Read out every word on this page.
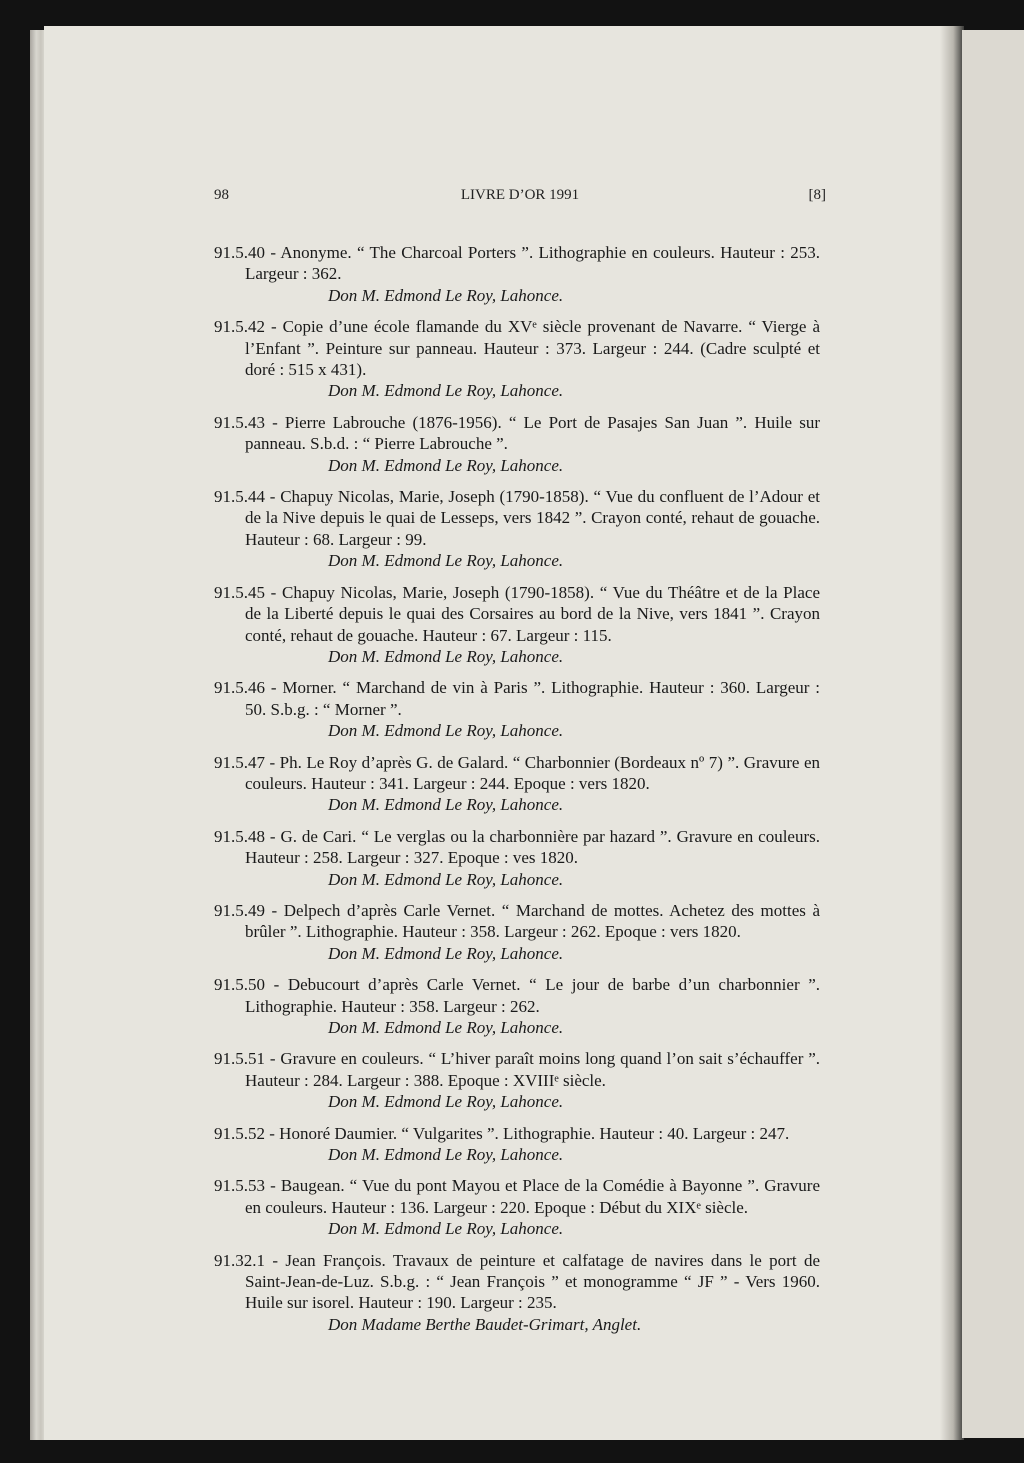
98	LIVRE D’OR 1991	[8]
91.5.40 - Anonyme. “ The Charcoal Porters ”. Lithographie en couleurs. Hauteur : 253. Largeur : 362.
Don M. Edmond Le Roy, Lahonce.
91.5.42 - Copie d’une école flamande du XVᵉ siècle provenant de Navarre. “ Vierge à l’Enfant ”. Peinture sur panneau. Hauteur : 373. Largeur : 244. (Cadre sculpté et doré : 515 x 431).
Don M. Edmond Le Roy, Lahonce.
91.5.43 - Pierre Labrouche (1876-1956). “ Le Port de Pasajes San Juan ”. Huile sur panneau. S.b.d. : “ Pierre Labrouche ”.
Don M. Edmond Le Roy, Lahonce.
91.5.44 - Chapuy Nicolas, Marie, Joseph (1790-1858). “ Vue du confluent de l’Adour et de la Nive depuis le quai de Lesseps, vers 1842 ”. Crayon conté, rehaut de gouache. Hauteur : 68. Largeur : 99.
Don M. Edmond Le Roy, Lahonce.
91.5.45 - Chapuy Nicolas, Marie, Joseph (1790-1858). “ Vue du Théâtre et de la Place de la Liberté depuis le quai des Corsaires au bord de la Nive, vers 1841 ”. Crayon conté, rehaut de gouache. Hauteur : 67. Largeur : 115.
Don M. Edmond Le Roy, Lahonce.
91.5.46 - Morner. “ Marchand de vin à Paris ”. Lithographie. Hauteur : 360. Largeur : 50. S.b.g. : “ Morner ”.
Don M. Edmond Le Roy, Lahonce.
91.5.47 - Ph. Le Roy d’après G. de Galard. “ Charbonnier (Bordeaux nº 7) ”. Gravure en couleurs. Hauteur : 341. Largeur : 244. Epoque : vers 1820.
Don M. Edmond Le Roy, Lahonce.
91.5.48 - G. de Cari. “ Le verglas ou la charbonnière par hazard ”. Gravure en couleurs. Hauteur : 258. Largeur : 327. Epoque : ves 1820.
Don M. Edmond Le Roy, Lahonce.
91.5.49 - Delpech d’après Carle Vernet. “ Marchand de mottes. Achetez des mottes à brûler ”. Lithographie. Hauteur : 358. Largeur : 262. Epoque : vers 1820.
Don M. Edmond Le Roy, Lahonce.
91.5.50 - Debucourt d’après Carle Vernet. “ Le jour de barbe d’un charbonnier ”. Lithographie. Hauteur : 358. Largeur : 262.
Don M. Edmond Le Roy, Lahonce.
91.5.51 - Gravure en couleurs. “ L’hiver paraît moins long quand l’on sait s’échauffer ”. Hauteur : 284. Largeur : 388. Epoque : XVIIIᵉ siècle.
Don M. Edmond Le Roy, Lahonce.
91.5.52 - Honoré Daumier. “ Vulgarites ”. Lithographie. Hauteur : 40. Largeur : 247.
Don M. Edmond Le Roy, Lahonce.
91.5.53 - Baugean. “ Vue du pont Mayou et Place de la Comédie à Bayonne ”. Gravure en couleurs. Hauteur : 136. Largeur : 220. Epoque : Début du XIXᵉ siècle.
Don M. Edmond Le Roy, Lahonce.
91.32.1 - Jean François. Travaux de peinture et calfatage de navires dans le port de Saint-Jean-de-Luz. S.b.g. : “ Jean François ” et monogramme “ JF ” - Vers 1960. Huile sur isorel. Hauteur : 190. Largeur : 235.
Don Madame Berthe Baudet-Grimart, Anglet.
